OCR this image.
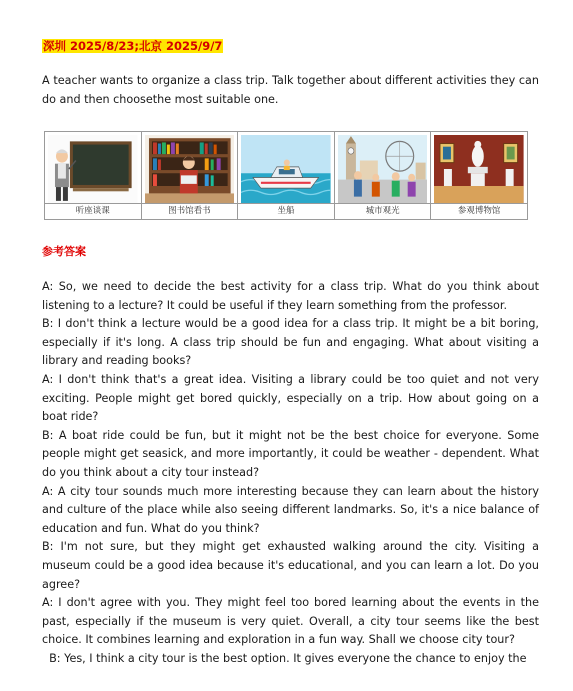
深圳 2025/8/23;北京 2025/9/7
A teacher wants to organize a class trip. Talk together about different activities they can do and then choosethe most suitable one.
听座谈课	图书馆看书	坐船	城市观光	参观博物馆
参考答案

A: So, we need to decide the best activity for a class trip. What do you think about listening to a lecture? It could be useful if they learn something from the professor.

B: I don't think a lecture would be a good idea for a class trip. It might be a bit boring, especially if it's long. A class trip should be fun and engaging. What about visiting a library and reading books?

A: I don't think that's a great idea. Visiting a library could be too quiet and not very exciting. People might get bored quickly, especially on a trip. How about going on a boat ride?

B: A boat ride could be fun, but it might not be the best choice for everyone. Some people might get seasick, and more importantly, it could be weather - dependent. What do you think about a city tour instead?

A: A city tour sounds much more interesting because they can learn about the history and culture of the place while also seeing different landmarks. So, it's a nice balance of education and fun. What do you think?

B: I'm not sure, but they might get exhausted walking around the city. Visiting a museum could be a good idea because it's educational, and you can learn a lot. Do you agree?

A: I don't agree with you. They might feel too bored learning about the events in the past, especially if the museum is very quiet. Overall, a city tour seems like the best choice. It combines learning and exploration in a fun way. Shall we choose city tour?

B: Yes, I think a city tour is the best option. It gives everyone the chance to enjoy the
